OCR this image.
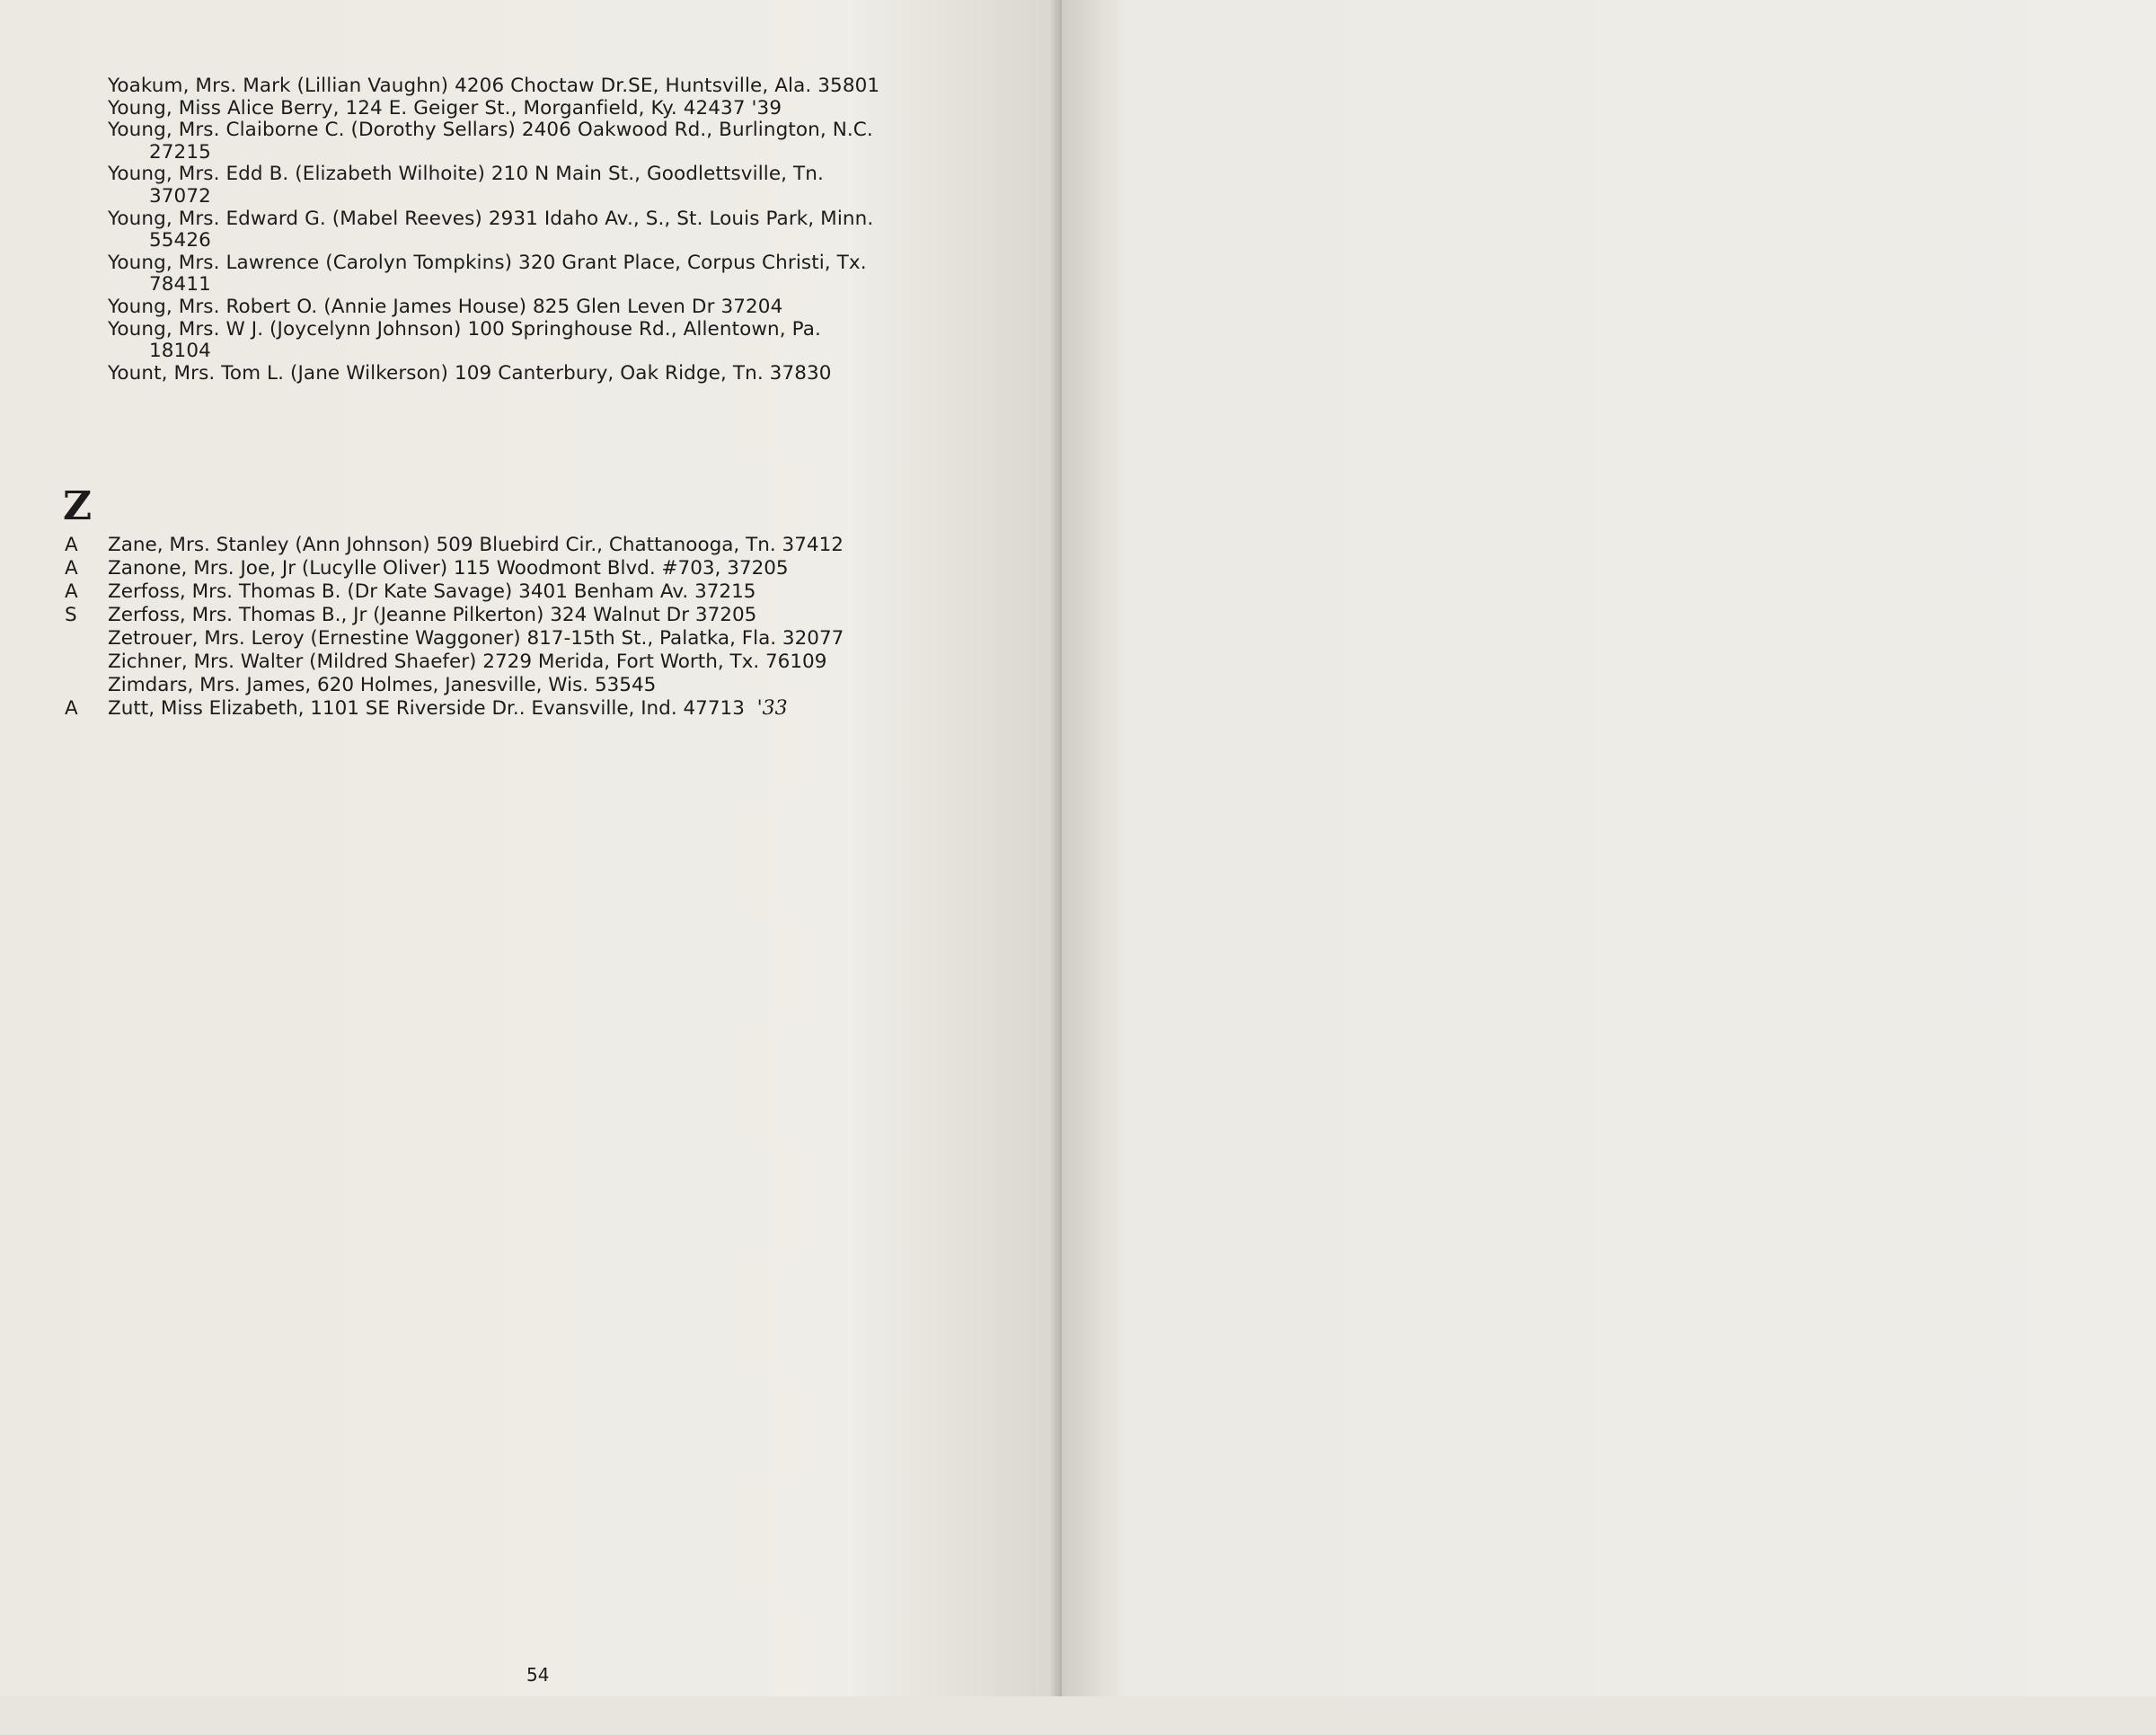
Yoakum, Mrs. Mark (Lillian Vaughn) 4206 Choctaw Dr.SE, Huntsville, Ala. 35801
Young, Miss Alice Berry, 124 E. Geiger St., Morganfield, Ky. 42437 '39
Young, Mrs. Claiborne C. (Dorothy Sellars) 2406 Oakwood Rd., Burlington, N.C.
27215
Young, Mrs. Edd B. (Elizabeth Wilhoite) 210 N Main St., Goodlettsville, Tn.
37072
Young, Mrs. Edward G. (Mabel Reeves) 2931 Idaho Av., S., St. Louis Park, Minn.
55426
Young, Mrs. Lawrence (Carolyn Tompkins) 320 Grant Place, Corpus Christi, Tx.
78411
Young, Mrs. Robert O. (Annie James House) 825 Glen Leven Dr 37204
Young, Mrs. W J. (Joycelynn Johnson) 100 Springhouse Rd., Allentown, Pa.
18104
Yount, Mrs. Tom L. (Jane Wilkerson) 109 Canterbury, Oak Ridge, Tn. 37830
Z
A	Zane, Mrs. Stanley (Ann Johnson) 509 Bluebird Cir., Chattanooga, Tn. 37412
A	Zanone, Mrs. Joe, Jr (Lucylle Oliver) 115 Woodmont Blvd. #703, 37205
A	Zerfoss, Mrs. Thomas B. (Dr Kate Savage) 3401 Benham Av. 37215
S	Zerfoss, Mrs. Thomas B., Jr (Jeanne Pilkerton) 324 Walnut Dr 37205
Zetrouer, Mrs. Leroy (Ernestine Waggoner) 817-15th St., Palatka, Fla. 32077
Zichner, Mrs. Walter (Mildred Shaefer) 2729 Merida, Fort Worth, Tx. 76109
Zimdars, Mrs. James, 620 Holmes, Janesville, Wis. 53545
A	Zutt, Miss Elizabeth, 1101 SE Riverside Dr.. Evansville, Ind. 47713 '33
54
